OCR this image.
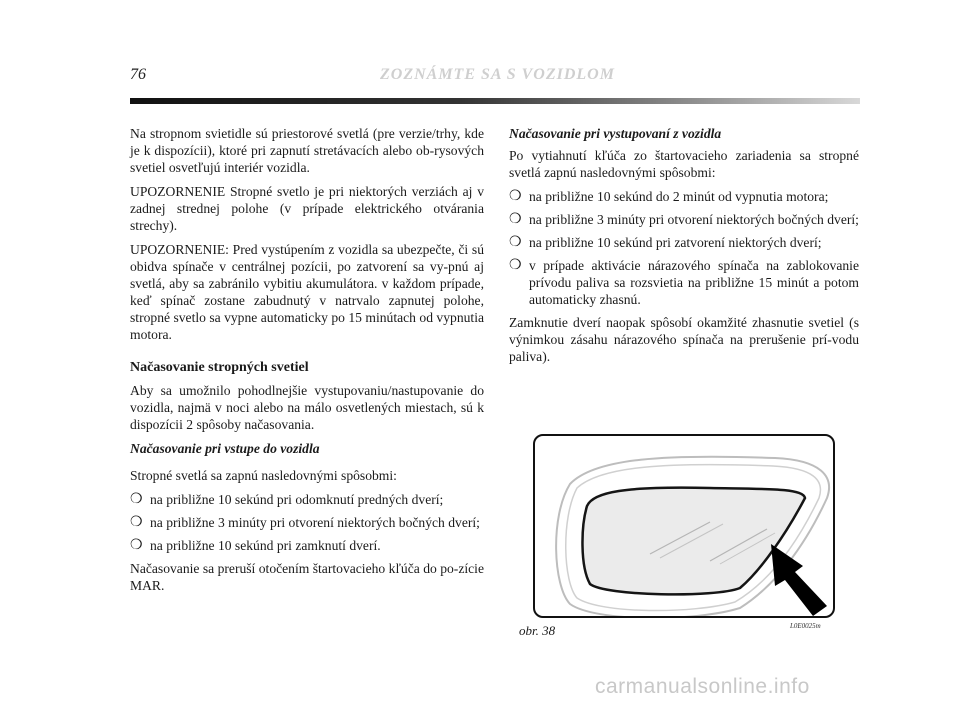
76	ZOZNÁMTE SA S VOZIDLOM

Na stropnom svietidle sú priestorové svetlá (pre verzie/trhy, kde je k dispozícii), ktoré pri zapnutí stretávacích alebo ob-rysových svetiel osvetľujú interiér vozidla.

UPOZORNENIE Stropné svetlo je pri niektorých verziách aj v zadnej strednej polohe (v prípade elektrického otvárania strechy).

UPOZORNENIE: Pred vystúpením z vozidla sa ubezpečte, či sú obidva spínače v centrálnej pozícii, po zatvorení sa vy-pnú aj svetlá, aby sa zabránilo vybitiu akumulátora. v každom prípade, keď spínač zostane zabudnutý v natrvalo zapnutej polohe, stropné svetlo sa vypne automaticky po 15 minútach od vypnutia motora.

Načasovanie stropných svetiel

Aby sa umožnilo pohodlnejšie vystupovaniu/nastupovanie do vozidla, najmä v noci alebo na málo osvetlených miestach, sú k dispozícii 2 spôsoby načasovania.

Načasovanie pri vstupe do vozidla

Stropné svetlá sa zapnú nasledovnými spôsobmi:

❍ na približne 10 sekúnd pri odomknutí predných dverí;
❍ na približne 3 minúty pri otvorení niektorých bočných dverí;
❍ na približne 10 sekúnd pri zamknutí dverí.

Načasovanie sa preruší otočením štartovacieho kľúča do po-zície MAR.

Načasovanie pri vystupovaní z vozidla

Po vytiahnutí kľúča zo štartovacieho zariadenia sa stropné svetlá zapnú nasledovnými spôsobmi:

❍ na približne 10 sekúnd do 2 minút od vypnutia motora;
❍ na približne 3 minúty pri otvorení niektorých bočných dverí;
❍ na približne 10 sekúnd pri zatvorení niektorých dverí;
❍ v prípade aktivácie nárazového spínača na zablokovanie prívodu paliva sa rozsvietia na približne 15 minút a potom automaticky zhasnú.

Zamknutie dverí naopak spôsobí okamžité zhasnutie svetiel (s výnimkou zásahu nárazového spínača na prerušenie prí-vodu paliva).

obr. 38	L0E0025m
carmanualsonline.info
